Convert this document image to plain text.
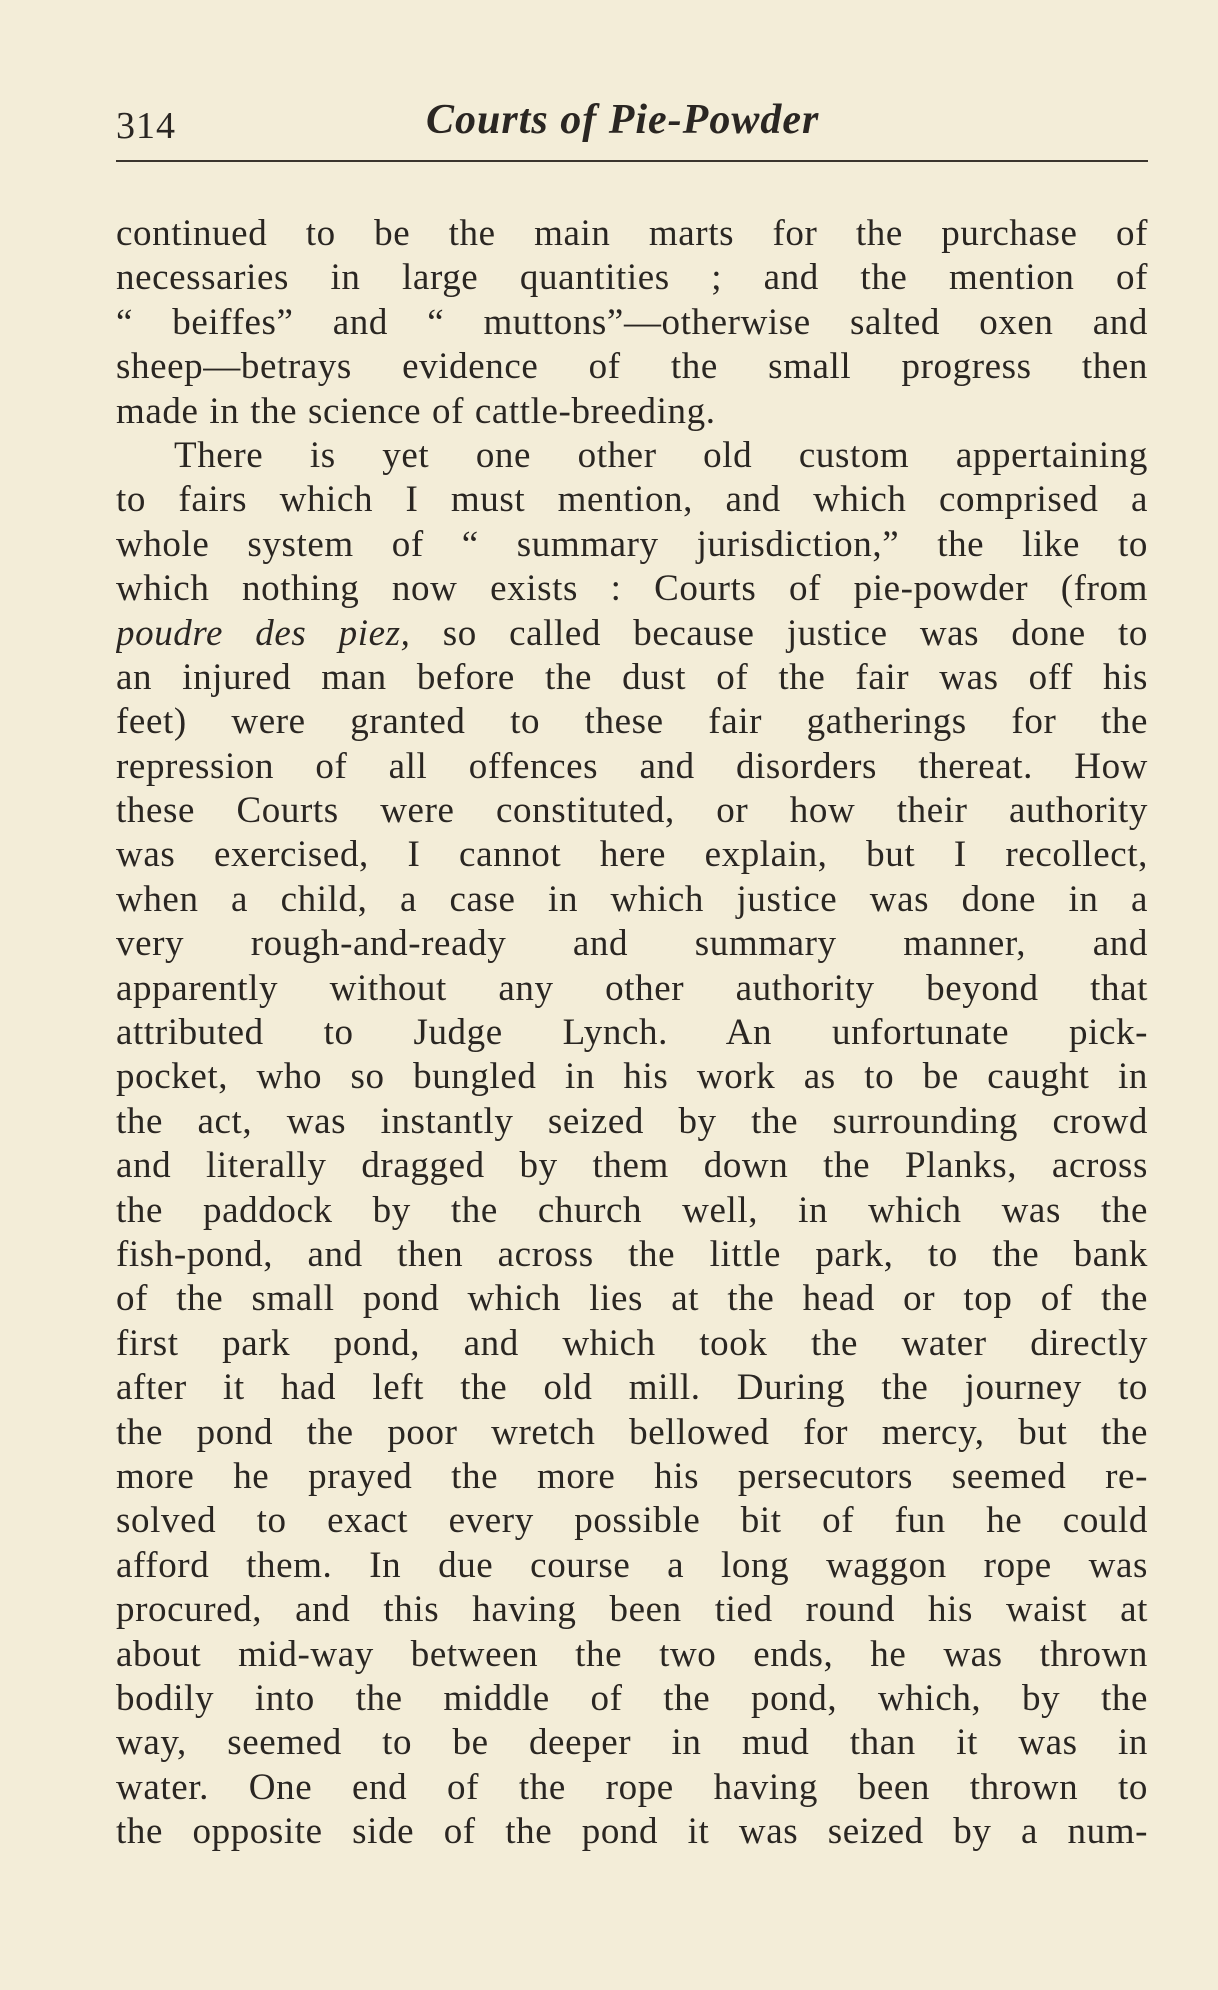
314	Courts of Pie-Powder
continued to be the main marts for the purchase of
necessaries in large quantities ; and the mention of
“ beiffes” and “ muttons”—otherwise salted oxen and
sheep—betrays evidence of the small progress then
made in the science of cattle-breeding.
There is yet one other old custom appertaining
to fairs which I must mention, and which comprised a
whole system of “ summary jurisdiction,” the like to
which nothing now exists : Courts of pie-powder (from
poudre des piez, so called because justice was done to
an injured man before the dust of the fair was off his
feet) were granted to these fair gatherings for the
repression of all offences and disorders thereat. How
these Courts were constituted, or how their authority
was exercised, I cannot here explain, but I recollect,
when a child, a case in which justice was done in a
very rough-and-ready and summary manner, and
apparently without any other authority beyond that
attributed to Judge Lynch. An unfortunate pick-
pocket, who so bungled in his work as to be caught in
the act, was instantly seized by the surrounding crowd
and literally dragged by them down the Planks, across
the paddock by the church well, in which was the
fish-pond, and then across the little park, to the bank
of the small pond which lies at the head or top of the
first park pond, and which took the water directly
after it had left the old mill. During the journey to
the pond the poor wretch bellowed for mercy, but the
more he prayed the more his persecutors seemed re-
solved to exact every possible bit of fun he could
afford them. In due course a long waggon rope was
procured, and this having been tied round his waist at
about mid-way between the two ends, he was thrown
bodily into the middle of the pond, which, by the
way, seemed to be deeper in mud than it was in
water. One end of the rope having been thrown to
the opposite side of the pond it was seized by a num-
